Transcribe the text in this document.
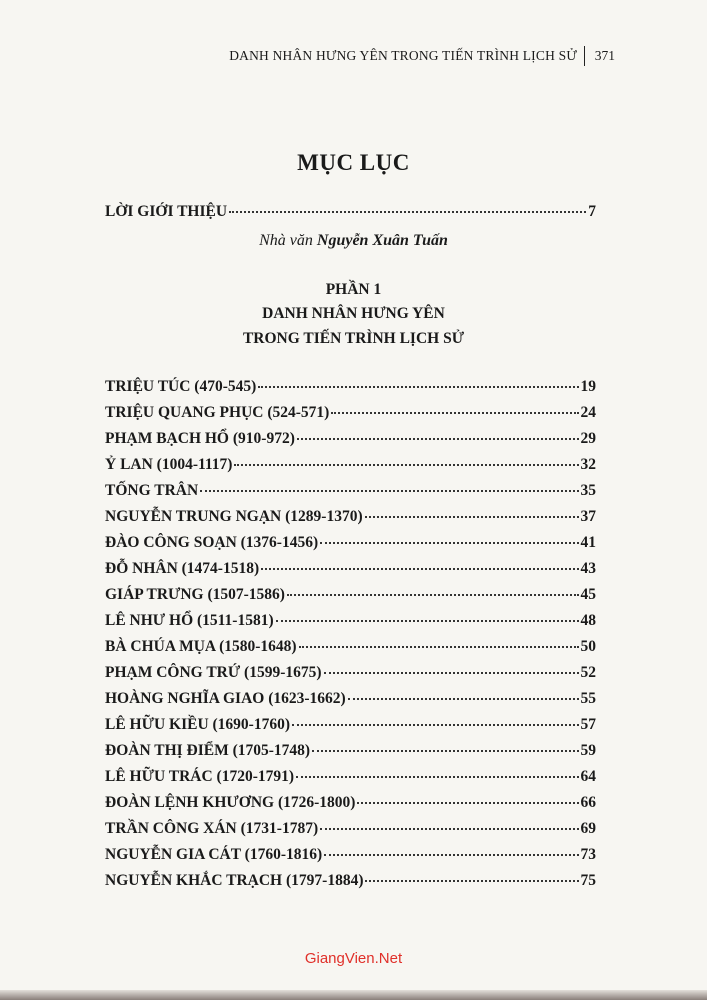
DANH NHÂN HƯNG YÊN TRONG TIẾN TRÌNH LỊCH SỬ 371
MỤC LỤC
LỜI GIỚI THIỆU	7
Nhà văn Nguyễn Xuân Tuấn
PHẦN 1
DANH NHÂN HƯNG YÊN
TRONG TIẾN TRÌNH LỊCH SỬ
TRIỆU TÚC (470-545)	19
TRIỆU QUANG PHỤC (524-571)	24
PHẠM BẠCH HỔ (910-972)	29
Ỷ LAN (1004-1117)	32
TỐNG TRÂN	35
NGUYỄN TRUNG NGẠN (1289-1370)	37
ĐÀO CÔNG SOẠN (1376-1456)	41
ĐỖ NHÂN (1474-1518)	43
GIÁP TRƯNG (1507-1586)	45
LÊ NHƯ HỔ (1511-1581)	48
BÀ CHÚA MỤA (1580-1648)	50
PHẠM CÔNG TRỨ (1599-1675)	52
HOÀNG NGHĨA GIAO (1623-1662)	55
LÊ HỮU KIỀU (1690-1760)	57
ĐOÀN THỊ ĐIỂM (1705-1748)	59
LÊ HỮU TRÁC (1720-1791)	64
ĐOÀN LỆNH KHƯƠNG (1726-1800)	66
TRẦN CÔNG XÁN (1731-1787)	69
NGUYỄN GIA CÁT (1760-1816)	73
NGUYỄN KHẮC TRẠCH (1797-1884)	75
GiangVien.Net
